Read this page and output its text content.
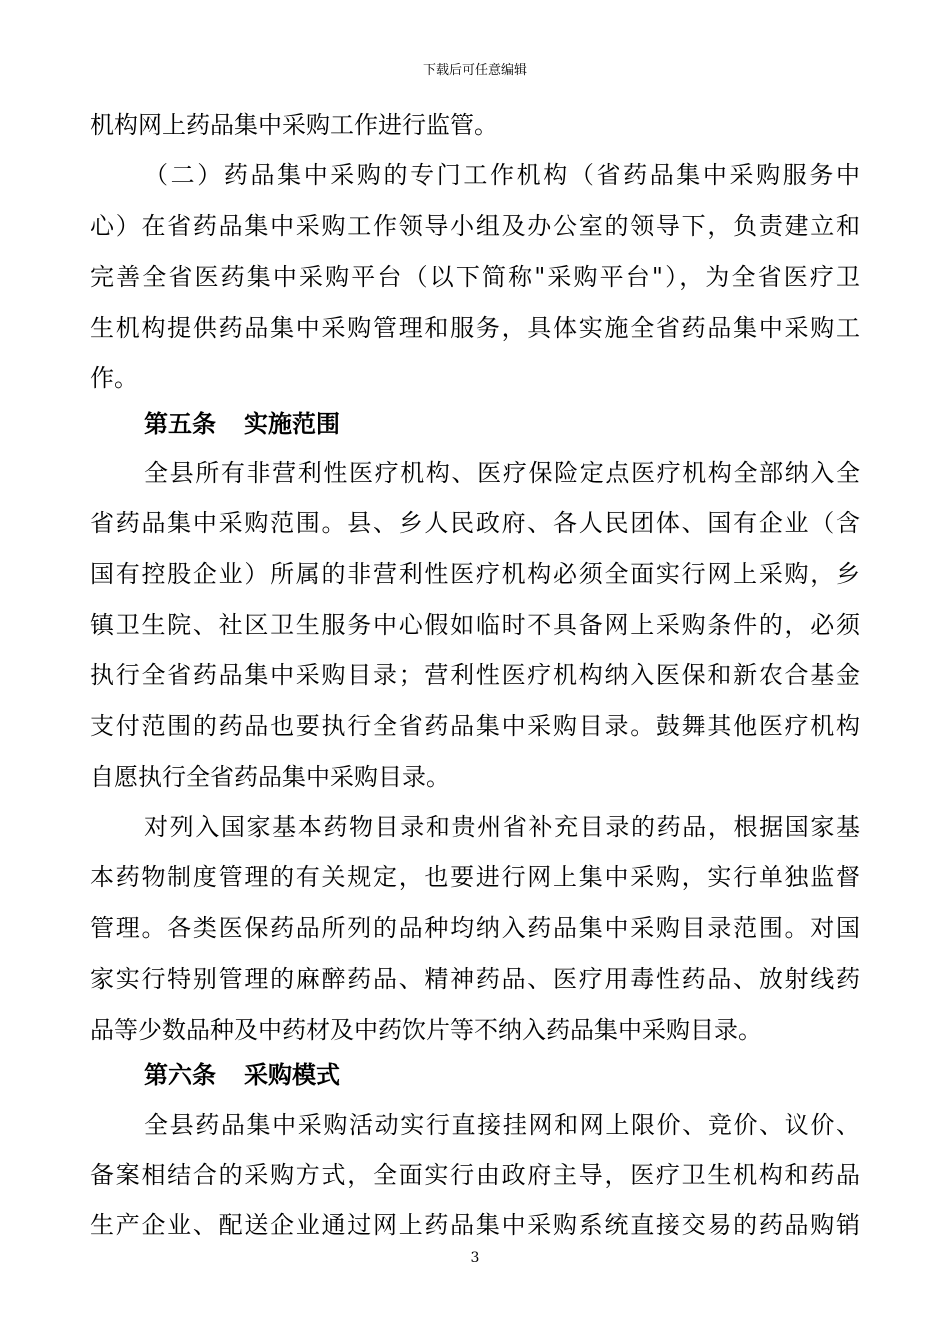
下载后可任意编辑
机构网上药品集中采购工作进行监管。
（二）药品集中采购的专门工作机构（省药品集中采购服务中
心）在省药品集中采购工作领导小组及办公室的领导下，负责建立和
完善全省医药集中采购平台（以下简称"采购平台"），为全省医疗卫
生机构提供药品集中采购管理和服务，具体实施全省药品集中采购工
作。
第五条 实施范围
全县所有非营利性医疗机构、医疗保险定点医疗机构全部纳入全
省药品集中采购范围。县、乡人民政府、各人民团体、国有企业（含
国有控股企业）所属的非营利性医疗机构必须全面实行网上采购，乡
镇卫生院、社区卫生服务中心假如临时不具备网上采购条件的，必须
执行全省药品集中采购目录；营利性医疗机构纳入医保和新农合基金
支付范围的药品也要执行全省药品集中采购目录。鼓舞其他医疗机构
自愿执行全省药品集中采购目录。
对列入国家基本药物目录和贵州省补充目录的药品，根据国家基
本药物制度管理的有关规定，也要进行网上集中采购，实行单独监督
管理。各类医保药品所列的品种均纳入药品集中采购目录范围。对国
家实行特别管理的麻醉药品、精神药品、医疗用毒性药品、放射线药
品等少数品种及中药材及中药饮片等不纳入药品集中采购目录。
第六条 采购模式
全县药品集中采购活动实行直接挂网和网上限价、竞价、议价、
备案相结合的采购方式，全面实行由政府主导，医疗卫生机构和药品
生产企业、配送企业通过网上药品集中采购系统直接交易的药品购销
3
